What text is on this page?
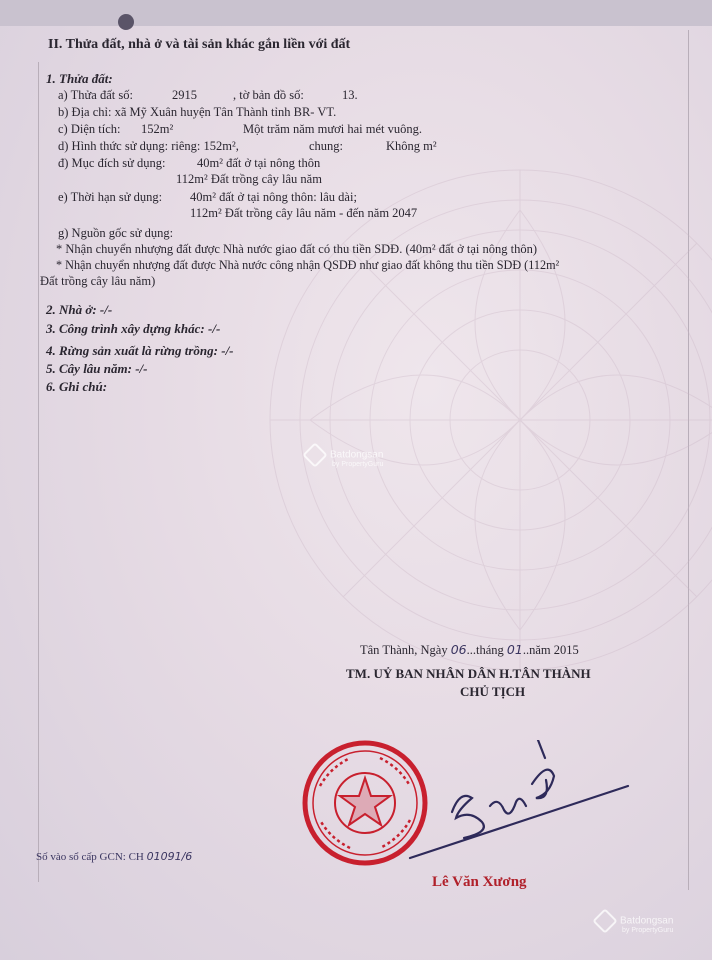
II. Thửa đất, nhà ở và tài sản khác gắn liền với đất
1. Thửa đất:
a) Thửa đất số:	2915	, tờ bản đồ số:	13.
b) Địa chỉ: xã Mỹ Xuân huyện Tân Thành tỉnh BR- VT.
c) Diện tích: 152m²	Một trăm năm mươi hai mét vuông.
d) Hình thức sử dụng: riêng: 152m²,	chung:	Không m²
đ) Mục đích sử dụng:	40m² đất ở tại nông thôn
112m² Đất trồng cây lâu năm
e) Thời hạn sử dụng: 40m² đất ở tại nông thôn: lâu dài;
112m² Đất trồng cây lâu năm - đến năm 2047
g) Nguồn gốc sử dụng:
* Nhận chuyển nhượng đất được Nhà nước giao đất có thu tiền SDĐ. (40m² đất ở tại nông thôn)
* Nhận chuyển nhượng đất được Nhà nước công nhận QSDĐ như giao đất không thu tiền SDĐ (112m²
Đất trồng cây lâu năm)
2. Nhà ở: -/-
3. Công trình xây dựng khác: -/-
4. Rừng sản xuất là rừng trồng: -/-
5. Cây lâu năm: -/-
6. Ghi chú:
Batdongsan
by PropertyGuru
Tân Thành, Ngày 06...tháng 01..năm 2015
TM. UỶ BAN NHÂN DÂN H.TÂN THÀNH
CHỦ TỊCH
Lê Văn Xương
Số vào sổ cấp GCN: CH 01091/6
Batdongsan
by PropertyGuru
